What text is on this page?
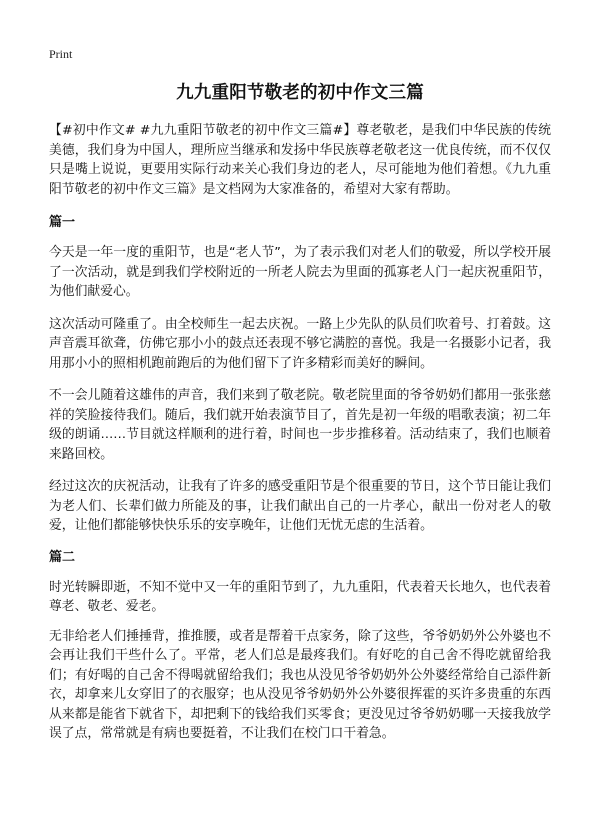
Print
九九重阳节敬老的初中作文三篇

【#初中作文# #九九重阳节敬老的初中作文三篇#】尊老敬老，是我们中华民族的传统美德，我们身为中国人，理所应当继承和发扬中华民族尊老敬老这一优良传统，而不仅仅只是嘴上说说，更要用实际行动来关心我们身边的老人，尽可能地为他们着想。《九九重阳节敬老的初中作文三篇》是文档网为大家准备的，希望对大家有帮助。

篇一

今天是一年一度的重阳节，也是“老人节”，为了表示我们对老人们的敬爱，所以学校开展了一次活动，就是到我们学校附近的一所老人院去为里面的孤寡老人门一起庆祝重阳节，为他们献爱心。

这次活动可隆重了。由全校师生一起去庆祝。一路上少先队的队员们吹着号、打着鼓。这声音震耳欲聋，仿佛它那小小的鼓点还表现不够它满腔的喜悦。我是一名摄影小记者，我用那小小的照相机跑前跑后的为他们留下了许多精彩而美好的瞬间。

不一会儿随着这雄伟的声音，我们来到了敬老院。敬老院里面的爷爷奶奶们都用一张张慈祥的笑脸接待我们。随后，我们就开始表演节目了，首先是初一年级的唱歌表演；初二年级的朗诵……节目就这样顺利的进行着，时间也一步步推移着。活动结束了，我们也顺着来路回校。

经过这次的庆祝活动，让我有了许多的感受重阳节是个很重要的节日，这个节日能让我们为老人们、长辈们做力所能及的事，让我们献出自己的一片孝心，献出一份对老人的敬爱，让他们都能够快快乐乐的安享晚年，让他们无忧无虑的生活着。

篇二

时光转瞬即逝，不知不觉中又一年的重阳节到了，九九重阳，代表着天长地久，也代表着尊老、敬老、爱老。

无非给老人们捶捶背，推推腰，或者是帮着干点家务，除了这些，爷爷奶奶外公外婆也不会再让我们干些什么了。平常，老人们总是最疼我们。有好吃的自己舍不得吃就留给我们；有好喝的自己舍不得喝就留给我们；我也从没见爷爷奶奶外公外婆经常给自己添件新衣，却拿来儿女穿旧了的衣服穿；也从没见爷爷奶奶外公外婆很挥霍的买许多贵重的东西从来都是能省下就省下，却把剩下的钱给我们买零食；更没见过爷爷奶奶哪一天接我放学误了点，常常就是有病也要挺着，不让我们在校门口干着急。
